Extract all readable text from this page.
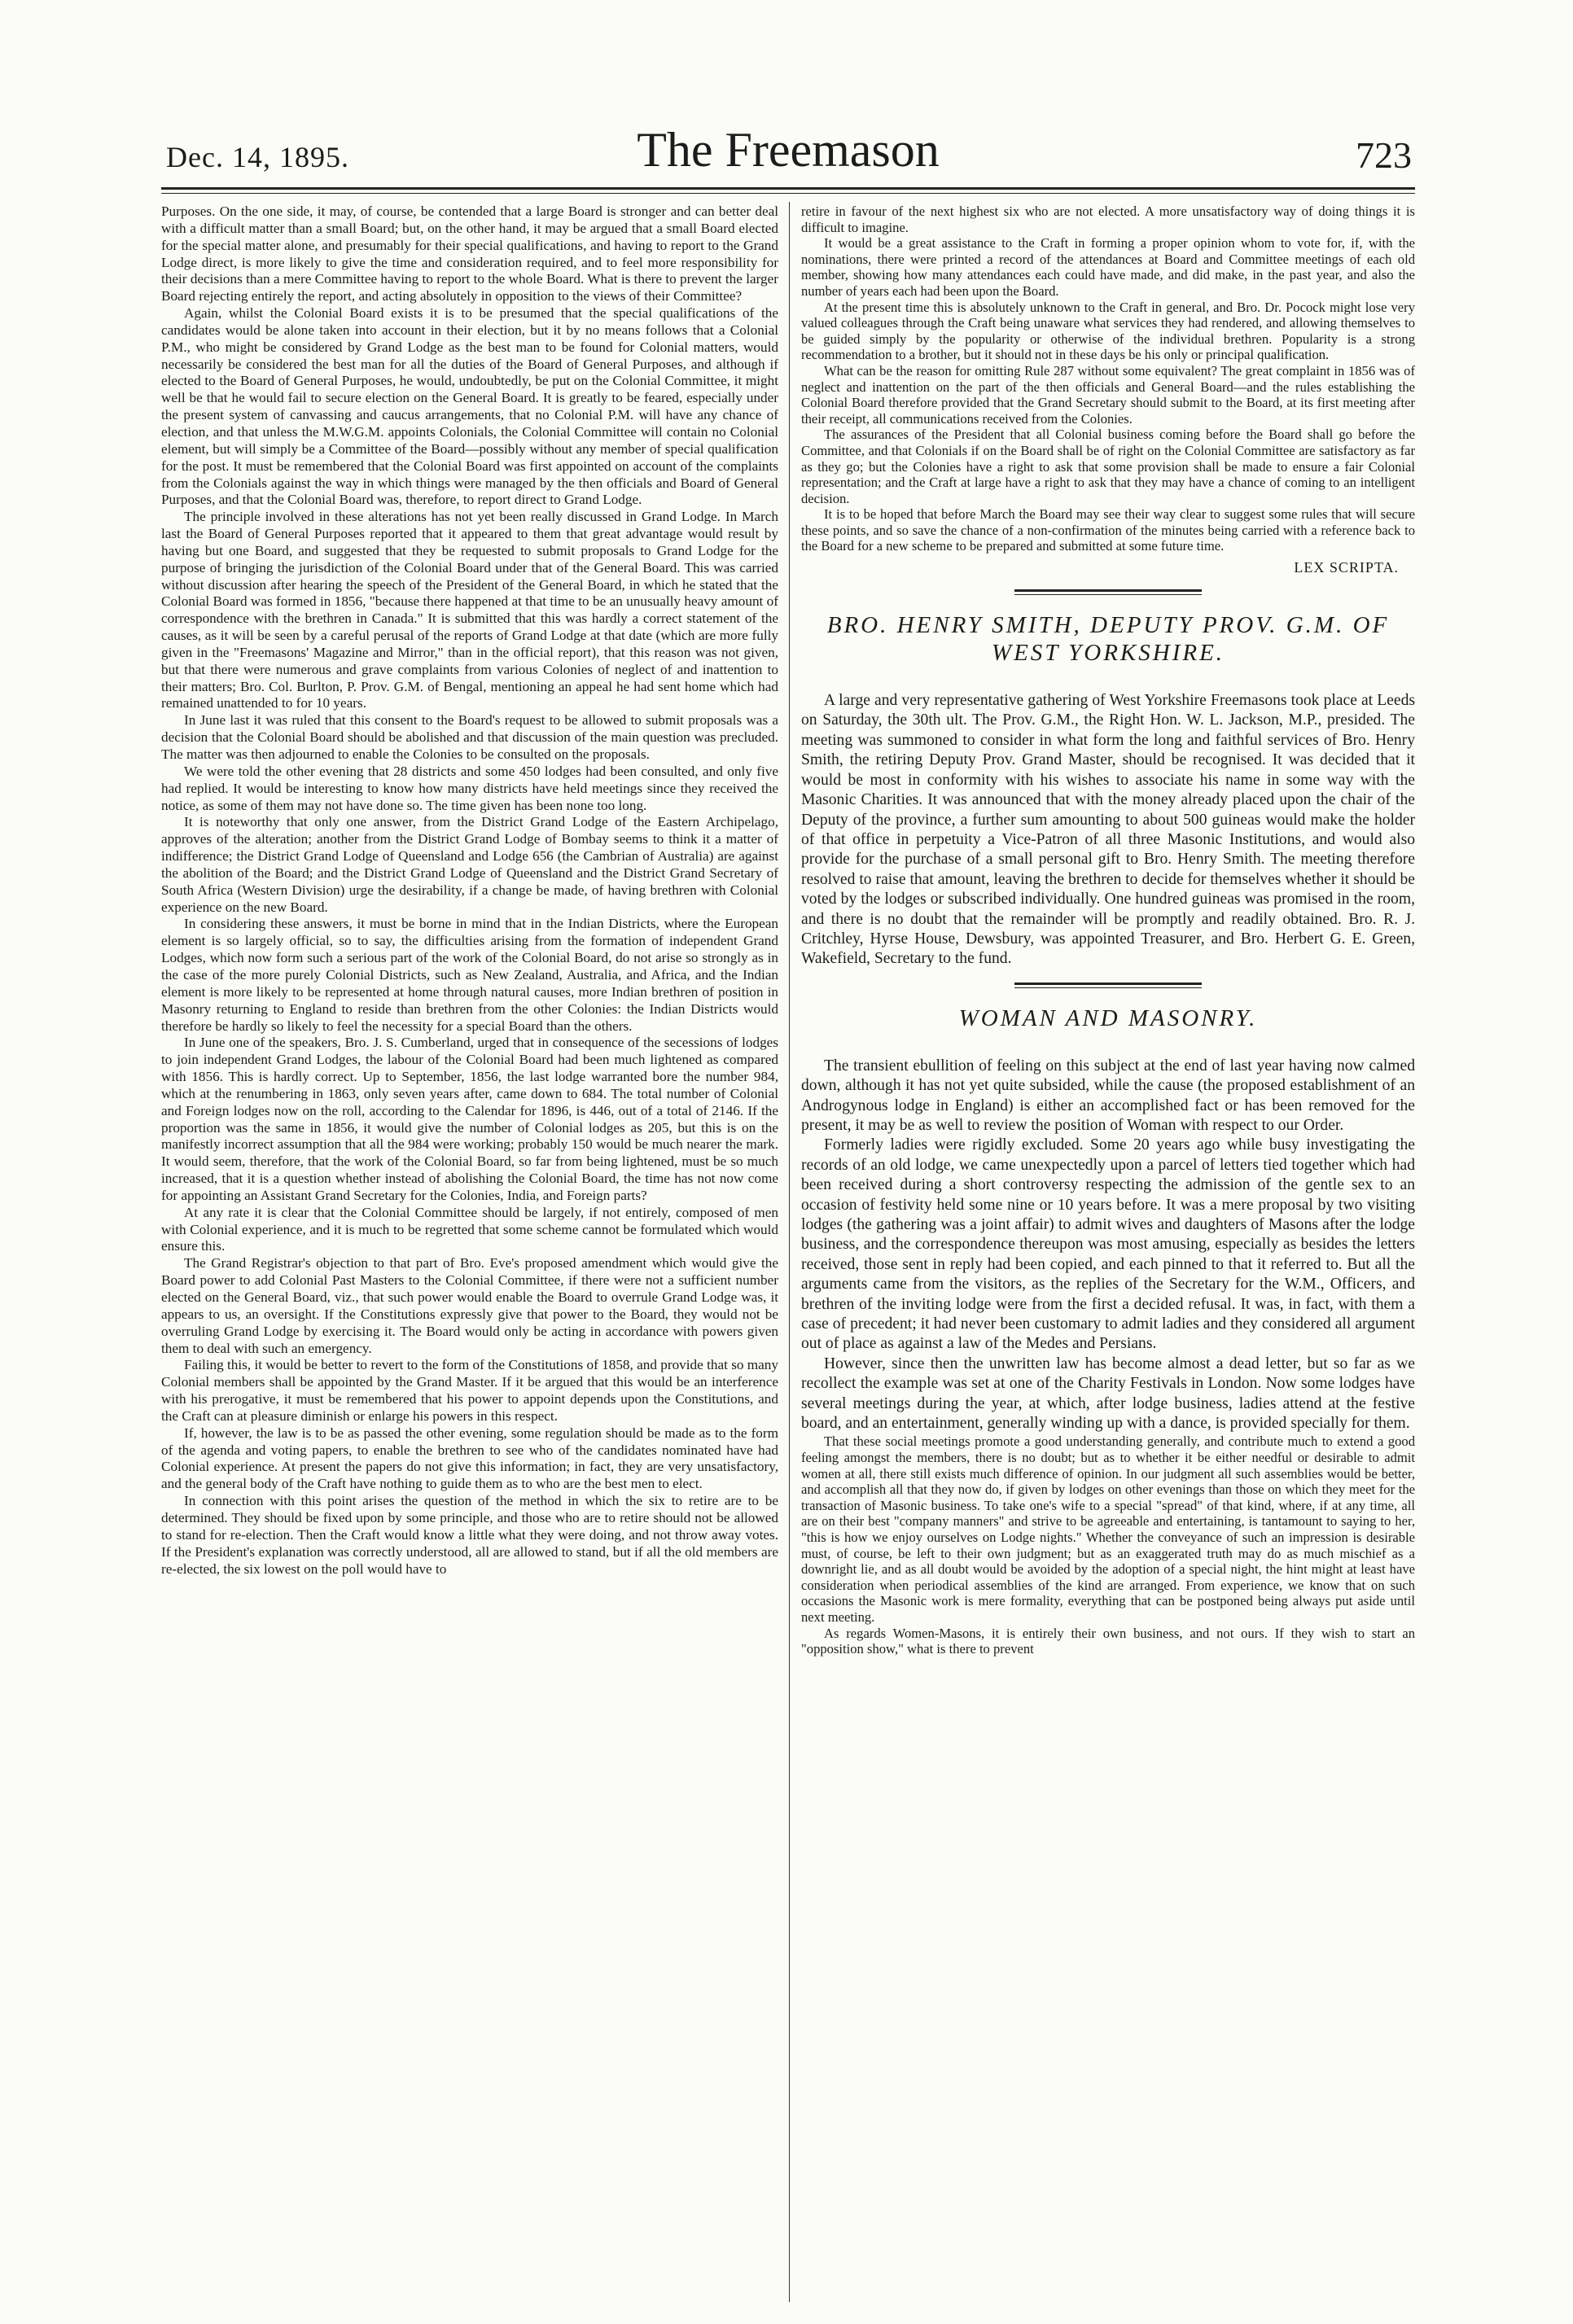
Dec. 14, 1895.	The Freemason	723

Purposes. On the one side, it may, of course, be contended that a large Board is stronger and can better deal with a difficult matter than a small Board; but, on the other hand, it may be argued that a small Board elected for the special matter alone, and presumably for their special qualifications, and having to report to the Grand Lodge direct, is more likely to give the time and consideration required, and to feel more responsibility for their decisions than a mere Committee having to report to the whole Board. What is there to prevent the larger Board rejecting entirely the report, and acting absolutely in opposition to the views of their Committee?

Again, whilst the Colonial Board exists it is to be presumed that the special qualifications of the candidates would be alone taken into account in their election, but it by no means follows that a Colonial P.M., who might be considered by Grand Lodge as the best man to be found for Colonial matters, would necessarily be considered the best man for all the duties of the Board of General Purposes, and although if elected to the Board of General Purposes, he would, undoubtedly, be put on the Colonial Committee, it might well be that he would fail to secure election on the General Board. It is greatly to be feared, especially under the present system of canvassing and caucus arrangements, that no Colonial P.M. will have any chance of election, and that unless the M.W.G.M. appoints Colonials, the Colonial Committee will contain no Colonial element, but will simply be a Committee of the Board—possibly without any member of special qualification for the post. It must be remembered that the Colonial Board was first appointed on account of the complaints from the Colonials against the way in which things were managed by the then officials and Board of General Purposes, and that the Colonial Board was, therefore, to report direct to Grand Lodge.

The principle involved in these alterations has not yet been really discussed in Grand Lodge. In March last the Board of General Purposes reported that it appeared to them that great advantage would result by having but one Board, and suggested that they be requested to submit proposals to Grand Lodge for the purpose of bringing the jurisdiction of the Colonial Board under that of the General Board. This was carried without discussion after hearing the speech of the President of the General Board, in which he stated that the Colonial Board was formed in 1856, "because there happened at that time to be an unusually heavy amount of correspondence with the brethren in Canada." It is submitted that this was hardly a correct statement of the causes, as it will be seen by a careful perusal of the reports of Grand Lodge at that date (which are more fully given in the "Freemasons' Magazine and Mirror," than in the official report), that this reason was not given, but that there were numerous and grave complaints from various Colonies of neglect of and inattention to their matters; Bro. Col. Burlton, P. Prov. G.M. of Bengal, mentioning an appeal he had sent home which had remained unattended to for 10 years.

In June last it was ruled that this consent to the Board's request to be allowed to submit proposals was a decision that the Colonial Board should be abolished and that discussion of the main question was precluded. The matter was then adjourned to enable the Colonies to be consulted on the proposals.

We were told the other evening that 28 districts and some 450 lodges had been consulted, and only five had replied. It would be interesting to know how many districts have held meetings since they received the notice, as some of them may not have done so. The time given has been none too long.

It is noteworthy that only one answer, from the District Grand Lodge of the Eastern Archipelago, approves of the alteration; another from the District Grand Lodge of Bombay seems to think it a matter of indifference; the District Grand Lodge of Queensland and Lodge 656 (the Cambrian of Australia) are against the abolition of the Board; and the District Grand Lodge of Queensland and the District Grand Secretary of South Africa (Western Division) urge the desirability, if a change be made, of having brethren with Colonial experience on the new Board.

In considering these answers, it must be borne in mind that in the Indian Districts, where the European element is so largely official, so to say, the difficulties arising from the formation of independent Grand Lodges, which now form such a serious part of the work of the Colonial Board, do not arise so strongly as in the case of the more purely Colonial Districts, such as New Zealand, Australia, and Africa, and the Indian element is more likely to be represented at home through natural causes, more Indian brethren of position in Masonry returning to England to reside than brethren from the other Colonies: the Indian Districts would therefore be hardly so likely to feel the necessity for a special Board than the others.

In June one of the speakers, Bro. J. S. Cumberland, urged that in consequence of the secessions of lodges to join independent Grand Lodges, the labour of the Colonial Board had been much lightened as compared with 1856. This is hardly correct. Up to September, 1856, the last lodge warranted bore the number 984, which at the renumbering in 1863, only seven years after, came down to 684. The total number of Colonial and Foreign lodges now on the roll, according to the Calendar for 1896, is 446, out of a total of 2146. If the proportion was the same in 1856, it would give the number of Colonial lodges as 205, but this is on the manifestly incorrect assumption that all the 984 were working; probably 150 would be much nearer the mark. It would seem, therefore, that the work of the Colonial Board, so far from being lightened, must be so much increased, that it is a question whether instead of abolishing the Colonial Board, the time has not now come for appointing an Assistant Grand Secretary for the Colonies, India, and Foreign parts?

At any rate it is clear that the Colonial Committee should be largely, if not entirely, composed of men with Colonial experience, and it is much to be regretted that some scheme cannot be formulated which would ensure this.

The Grand Registrar's objection to that part of Bro. Eve's proposed amendment which would give the Board power to add Colonial Past Masters to the Colonial Committee, if there were not a sufficient number elected on the General Board, viz., that such power would enable the Board to overrule Grand Lodge was, it appears to us, an oversight. If the Constitutions expressly give that power to the Board, they would not be overruling Grand Lodge by exercising it. The Board would only be acting in accordance with powers given them to deal with such an emergency.

Failing this, it would be better to revert to the form of the Constitutions of 1858, and provide that so many Colonial members shall be appointed by the Grand Master. If it be argued that this would be an interference with his prerogative, it must be remembered that his power to appoint depends upon the Constitutions, and the Craft can at pleasure diminish or enlarge his powers in this respect.

If, however, the law is to be as passed the other evening, some regulation should be made as to the form of the agenda and voting papers, to enable the brethren to see who of the candidates nominated have had Colonial experience. At present the papers do not give this information; in fact, they are very unsatisfactory, and the general body of the Craft have nothing to guide them as to who are the best men to elect.

In connection with this point arises the question of the method in which the six to retire are to be determined. They should be fixed upon by some principle, and those who are to retire should not be allowed to stand for re-election. Then the Craft would know a little what they were doing, and not throw away votes. If the President's explanation was correctly understood, all are allowed to stand, but if all the old members are re-elected, the six lowest on the poll would have to

retire in favour of the next highest six who are not elected. A more unsatisfactory way of doing things it is difficult to imagine.

It would be a great assistance to the Craft in forming a proper opinion whom to vote for, if, with the nominations, there were printed a record of the attendances at Board and Committee meetings of each old member, showing how many attendances each could have made, and did make, in the past year, and also the number of years each had been upon the Board.

At the present time this is absolutely unknown to the Craft in general, and Bro. Dr. Pocock might lose very valued colleagues through the Craft being unaware what services they had rendered, and allowing themselves to be guided simply by the popularity or otherwise of the individual brethren. Popularity is a strong recommendation to a brother, but it should not in these days be his only or principal qualification.

What can be the reason for omitting Rule 287 without some equivalent? The great complaint in 1856 was of neglect and inattention on the part of the then officials and General Board—and the rules establishing the Colonial Board therefore provided that the Grand Secretary should submit to the Board, at its first meeting after their receipt, all communications received from the Colonies.

The assurances of the President that all Colonial business coming before the Board shall go before the Committee, and that Colonials if on the Board shall be of right on the Colonial Committee are satisfactory as far as they go; but the Colonies have a right to ask that some provision shall be made to ensure a fair Colonial representation; and the Craft at large have a right to ask that they may have a chance of coming to an intelligent decision.

It is to be hoped that before March the Board may see their way clear to suggest some rules that will secure these points, and so save the chance of a non-confirmation of the minutes being carried with a reference back to the Board for a new scheme to be prepared and submitted at some future time.

LEX SCRIPTA.
BRO. HENRY SMITH, DEPUTY PROV. G.M. OF WEST YORKSHIRE.

A large and very representative gathering of West Yorkshire Freemasons took place at Leeds on Saturday, the 30th ult. The Prov. G.M., the Right Hon. W. L. Jackson, M.P., presided. The meeting was summoned to consider in what form the long and faithful services of Bro. Henry Smith, the retiring Deputy Prov. Grand Master, should be recognised. It was decided that it would be most in conformity with his wishes to associate his name in some way with the Masonic Charities. It was announced that with the money already placed upon the chair of the Deputy of the province, a further sum amounting to about 500 guineas would make the holder of that office in perpetuity a Vice-Patron of all three Masonic Institutions, and would also provide for the purchase of a small personal gift to Bro. Henry Smith. The meeting therefore resolved to raise that amount, leaving the brethren to decide for themselves whether it should be voted by the lodges or subscribed individually. One hundred guineas was promised in the room, and there is no doubt that the remainder will be promptly and readily obtained. Bro. R. J. Critchley, Hyrse House, Dewsbury, was appointed Treasurer, and Bro. Herbert G. E. Green, Wakefield, Secretary to the fund.

WOMAN AND MASONRY.

The transient ebullition of feeling on this subject at the end of last year having now calmed down, although it has not yet quite subsided, while the cause (the proposed establishment of an Androgynous lodge in England) is either an accomplished fact or has been removed for the present, it may be as well to review the position of Woman with respect to our Order.

Formerly ladies were rigidly excluded. Some 20 years ago while busy investigating the records of an old lodge, we came unexpectedly upon a parcel of letters tied together which had been received during a short controversy respecting the admission of the gentle sex to an occasion of festivity held some nine or 10 years before. It was a mere proposal by two visiting lodges (the gathering was a joint affair) to admit wives and daughters of Masons after the lodge business, and the correspondence thereupon was most amusing, especially as besides the letters received, those sent in reply had been copied, and each pinned to that it referred to. But all the arguments came from the visitors, as the replies of the Secretary for the W.M., Officers, and brethren of the inviting lodge were from the first a decided refusal. It was, in fact, with them a case of precedent; it had never been customary to admit ladies and they considered all argument out of place as against a law of the Medes and Persians.

However, since then the unwritten law has become almost a dead letter, but so far as we recollect the example was set at one of the Charity Festivals in London. Now some lodges have several meetings during the year, at which, after lodge business, ladies attend at the festive board, and an entertainment, generally winding up with a dance, is provided specially for them.

That these social meetings promote a good understanding generally, and contribute much to extend a good feeling amongst the members, there is no doubt; but as to whether it be either needful or desirable to admit women at all, there still exists much difference of opinion. In our judgment all such assemblies would be better, and accomplish all that they now do, if given by lodges on other evenings than those on which they meet for the transaction of Masonic business. To take one's wife to a special "spread" of that kind, where, if at any time, all are on their best "company manners" and strive to be agreeable and entertaining, is tantamount to saying to her, "this is how we enjoy ourselves on Lodge nights." Whether the conveyance of such an impression is desirable must, of course, be left to their own judgment; but as an exaggerated truth may do as much mischief as a downright lie, and as all doubt would be avoided by the adoption of a special night, the hint might at least have consideration when periodical assemblies of the kind are arranged. From experience, we know that on such occasions the Masonic work is mere formality, everything that can be postponed being always put aside until next meeting.

As regards Women-Masons, it is entirely their own business, and not ours. If they wish to start an "opposition show," what is there to prevent
